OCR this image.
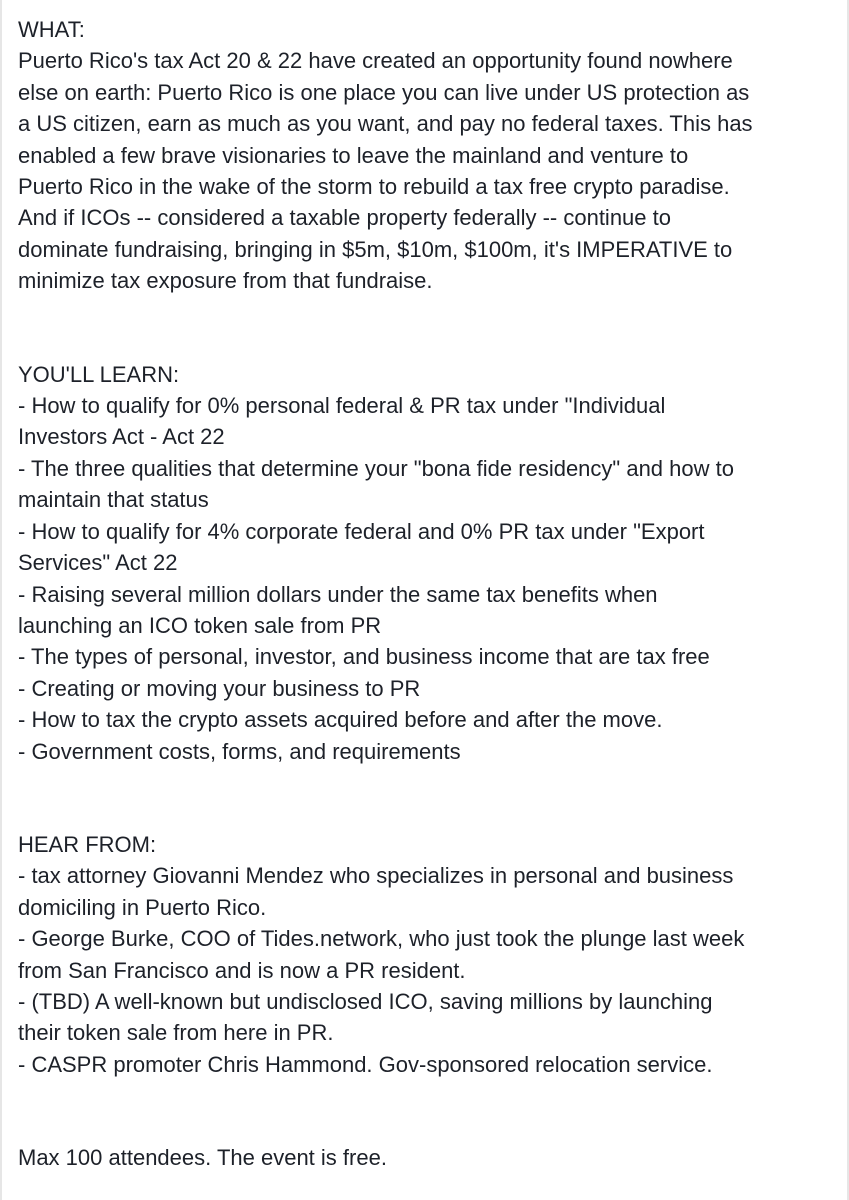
WHAT:

Puerto Rico's tax Act 20 & 22 have created an opportunity found nowhere

else on earth: Puerto Rico is one place you can live under US protection as

a US citizen, earn as much as you want, and pay no federal taxes. This has

enabled a few brave visionaries to leave the mainland and venture to

Puerto Rico in the wake of the storm to rebuild a tax free crypto paradise.

And if ICOs -- considered a taxable property federally -- continue to

dominate fundraising, bringing in $5m, $10m, $100m, it's IMPERATIVE to

minimize tax exposure from that fundraise.

YOU'LL LEARN:

- How to qualify for 0% personal federal & PR tax under "Individual

Investors Act - Act 22

- The three qualities that determine your "bona fide residency" and how to

maintain that status

- How to qualify for 4% corporate federal and 0% PR tax under "Export

Services" Act 22

- Raising several million dollars under the same tax benefits when

launching an ICO token sale from PR

- The types of personal, investor, and business income that are tax free

- Creating or moving your business to PR

- How to tax the crypto assets acquired before and after the move.

- Government costs, forms, and requirements

HEAR FROM:

- tax attorney Giovanni Mendez who specializes in personal and business

domiciling in Puerto Rico.

- George Burke, COO of Tides.network, who just took the plunge last week

from San Francisco and is now a PR resident.

- (TBD) A well-known but undisclosed ICO, saving millions by launching

their token sale from here in PR.

- CASPR promoter Chris Hammond. Gov-sponsored relocation service.

Max 100 attendees. The event is free.
